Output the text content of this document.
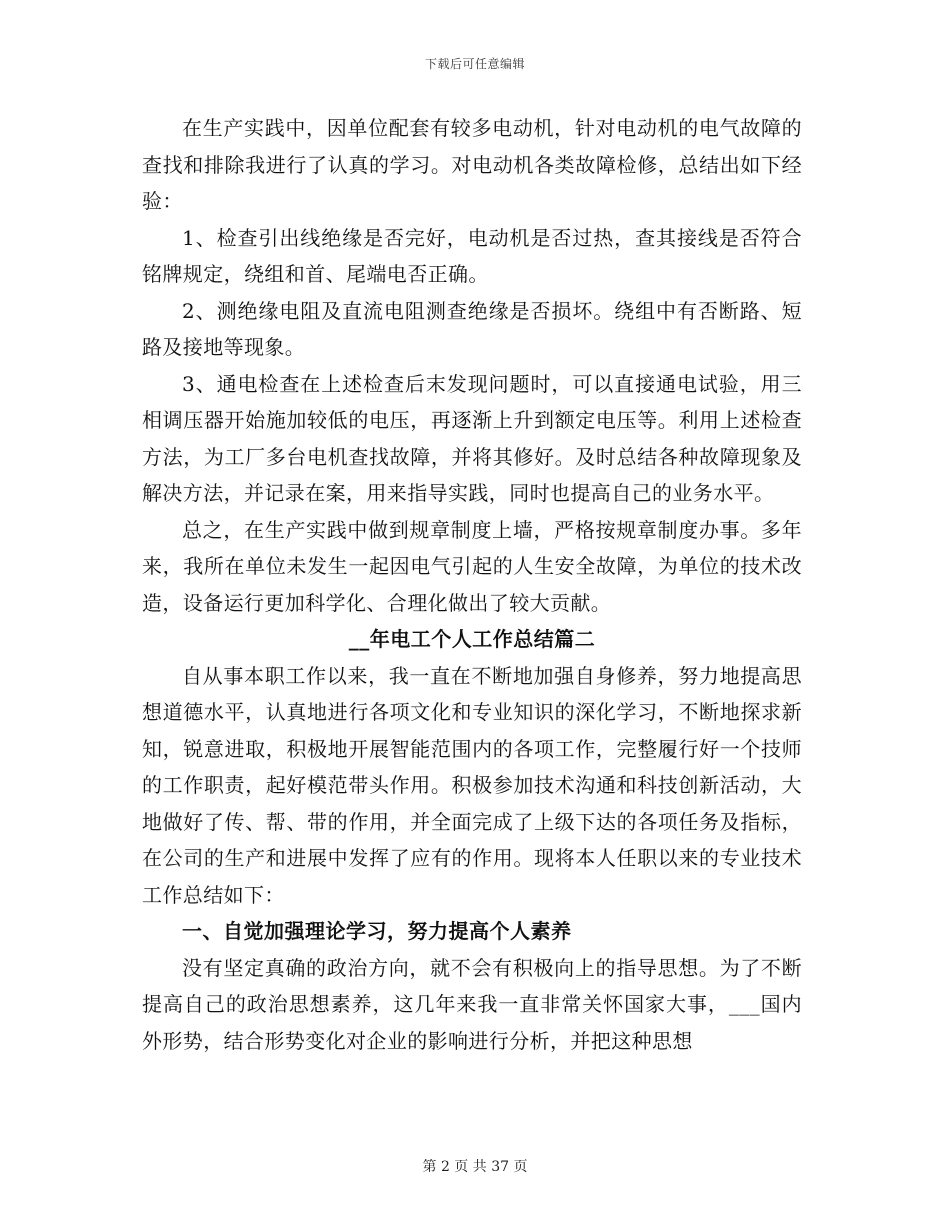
下载后可任意编辑

在生产实践中，因单位配套有较多电动机，针对电动机的电气故障的查找和排除我进行了认真的学习。对电动机各类故障检修，总结出如下经验：

1、检查引出线绝缘是否完好，电动机是否过热，查其接线是否符合铭牌规定，绕组和首、尾端电否正确。

2、测绝缘电阻及直流电阻测查绝缘是否损坏。绕组中有否断路、短路及接地等现象。

3、通电检查在上述检查后末发现问题时，可以直接通电试验，用三相调压器开始施加较低的电压，再逐渐上升到额定电压等。利用上述检查方法，为工厂多台电机查找故障，并将其修好。及时总结各种故障现象及解决方法，并记录在案，用来指导实践，同时也提高自己的业务水平。

总之，在生产实践中做到规章制度上墙，严格按规章制度办事。多年来，我所在单位未发生一起因电气引起的人生安全故障，为单位的技术改造，设备运行更加科学化、合理化做出了较大贡献。

__年电工个人工作总结篇二

自从事本职工作以来，我一直在不断地加强自身修养，努力地提高思想道德水平，认真地进行各项文化和专业知识的深化学习，不断地探求新知，锐意进取，积极地开展智能范围内的各项工作，完整履行好一个技师的工作职责，起好模范带头作用。积极参加技术沟通和科技创新活动，大地做好了传、帮、带的作用，并全面完成了上级下达的各项任务及指标，在公司的生产和进展中发挥了应有的作用。现将本人任职以来的专业技术工作总结如下：

一、自觉加强理论学习，努力提高个人素养

没有坚定真确的政治方向，就不会有积极向上的指导思想。为了不断提高自己的政治思想素养，这几年来我一直非常关怀国家大事，___国内外形势，结合形势变化对企业的影响进行分析，并把这种思想

第 2 页 共 37 页
